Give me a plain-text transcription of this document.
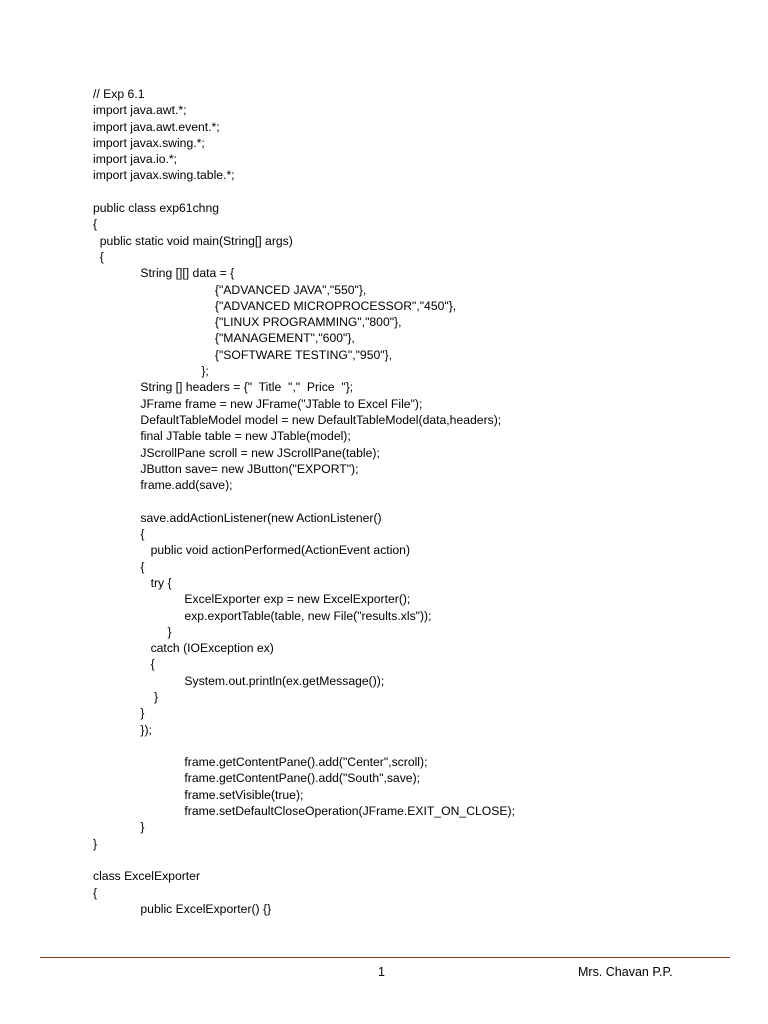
// Exp 6.1
import java.awt.*;
import java.awt.event.*;
import javax.swing.*;
import java.io.*;
import javax.swing.table.*;
public class exp61chng
{
public static void main(String[] args)
{
String [][] data = {
{"ADVANCED JAVA","550"},
{"ADVANCED MICROPROCESSOR","450"},
{"LINUX PROGRAMMING","800"},
{"MANAGEMENT","600"},
{"SOFTWARE TESTING","950"},
};
String [] headers = {"  Title  ","  Price  "};
JFrame frame = new JFrame("JTable to Excel File");
DefaultTableModel model = new DefaultTableModel(data,headers);
final JTable table = new JTable(model);
JScrollPane scroll = new JScrollPane(table);
JButton save= new JButton("EXPORT");
frame.add(save);
save.addActionListener(new ActionListener()
{
public void actionPerformed(ActionEvent action)
{
try {
ExcelExporter exp = new ExcelExporter();
exp.exportTable(table, new File("results.xls"));
}
catch (IOException ex)
{
System.out.println(ex.getMessage());
}
}
});
frame.getContentPane().add("Center",scroll);
frame.getContentPane().add("South",save);
frame.setVisible(true);
frame.setDefaultCloseOperation(JFrame.EXIT_ON_CLOSE);
}
}
class ExcelExporter
{
public ExcelExporter() {}
1	Mrs. Chavan P.P.
